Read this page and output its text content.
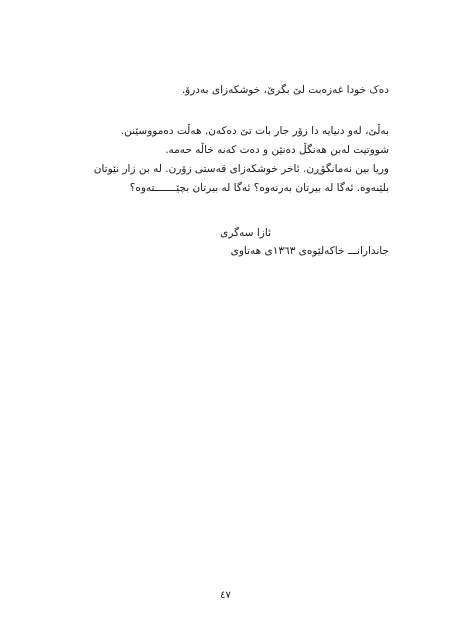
دەک خودا غەزەبت لێ بگرێ، خوشکەزای بەدرۆ.
بەڵێ، لەو دنیایە دا زۆر جار بات تێ دەکەن. هەڵت دەمووسێنن.
شووتیت لەبن هەنگڵ دەنێن و دەت کەنە خاڵە حەمە.
وریا بین نەمانگۆڕن. ئاخر خوشکەزای قەستی زۆرن. لە بن زار نێوتان
بلێنەوە. ئەگا لە بیرتان بەرنەوە؟ ئەگا لە بیرتان بچێـــــــتەوە؟
ئازا سەگری
جاندارانـــ خاکەلێوەی ١٣٦٣ی هەتاوی
٤٧
